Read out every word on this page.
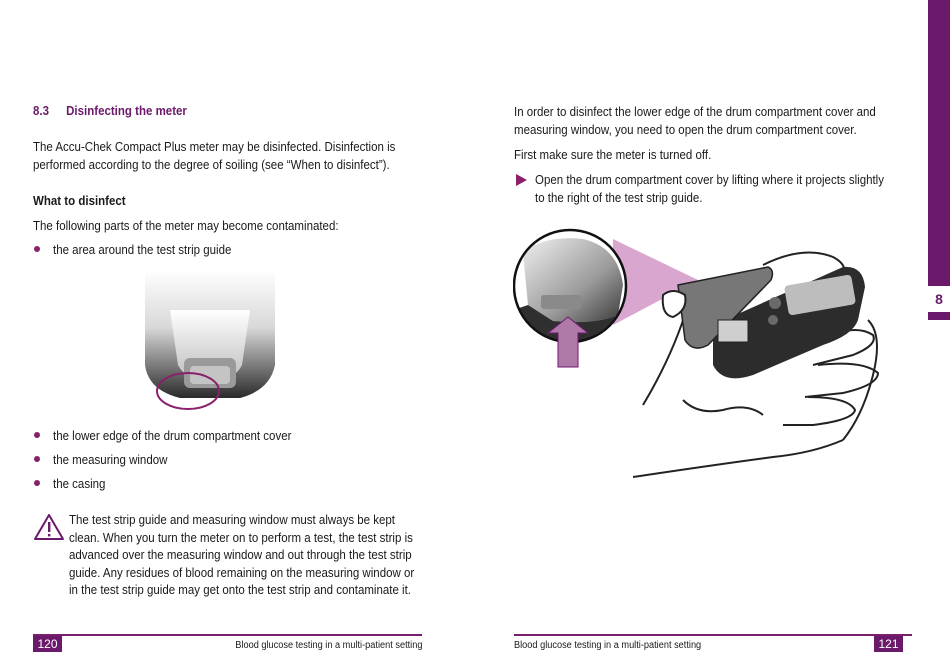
8.3 Disinfecting the meter
The Accu-Chek Compact Plus meter may be disinfected. Disinfection is performed according to the degree of soiling (see “When to disinfect”).
What to disinfect
The following parts of the meter may become contaminated:
the area around the test strip guide
the lower edge of the drum compartment cover
the measuring window
the casing
The test strip guide and measuring window must always be kept clean. When you turn the meter on to perform a test, the test strip is advanced over the measuring window and out through the test strip guide. Any residues of blood remaining on the measuring window or in the test strip guide may get onto the test strip and contaminate it.
120	Blood glucose testing in a multi-patient setting
In order to disinfect the lower edge of the drum compartment cover and measuring window, you need to open the drum compartment cover.
First make sure the meter is turned off.
Open the drum compartment cover by lifting where it projects slightly to the right of the test strip guide.
Blood glucose testing in a multi-patient setting	121
8
